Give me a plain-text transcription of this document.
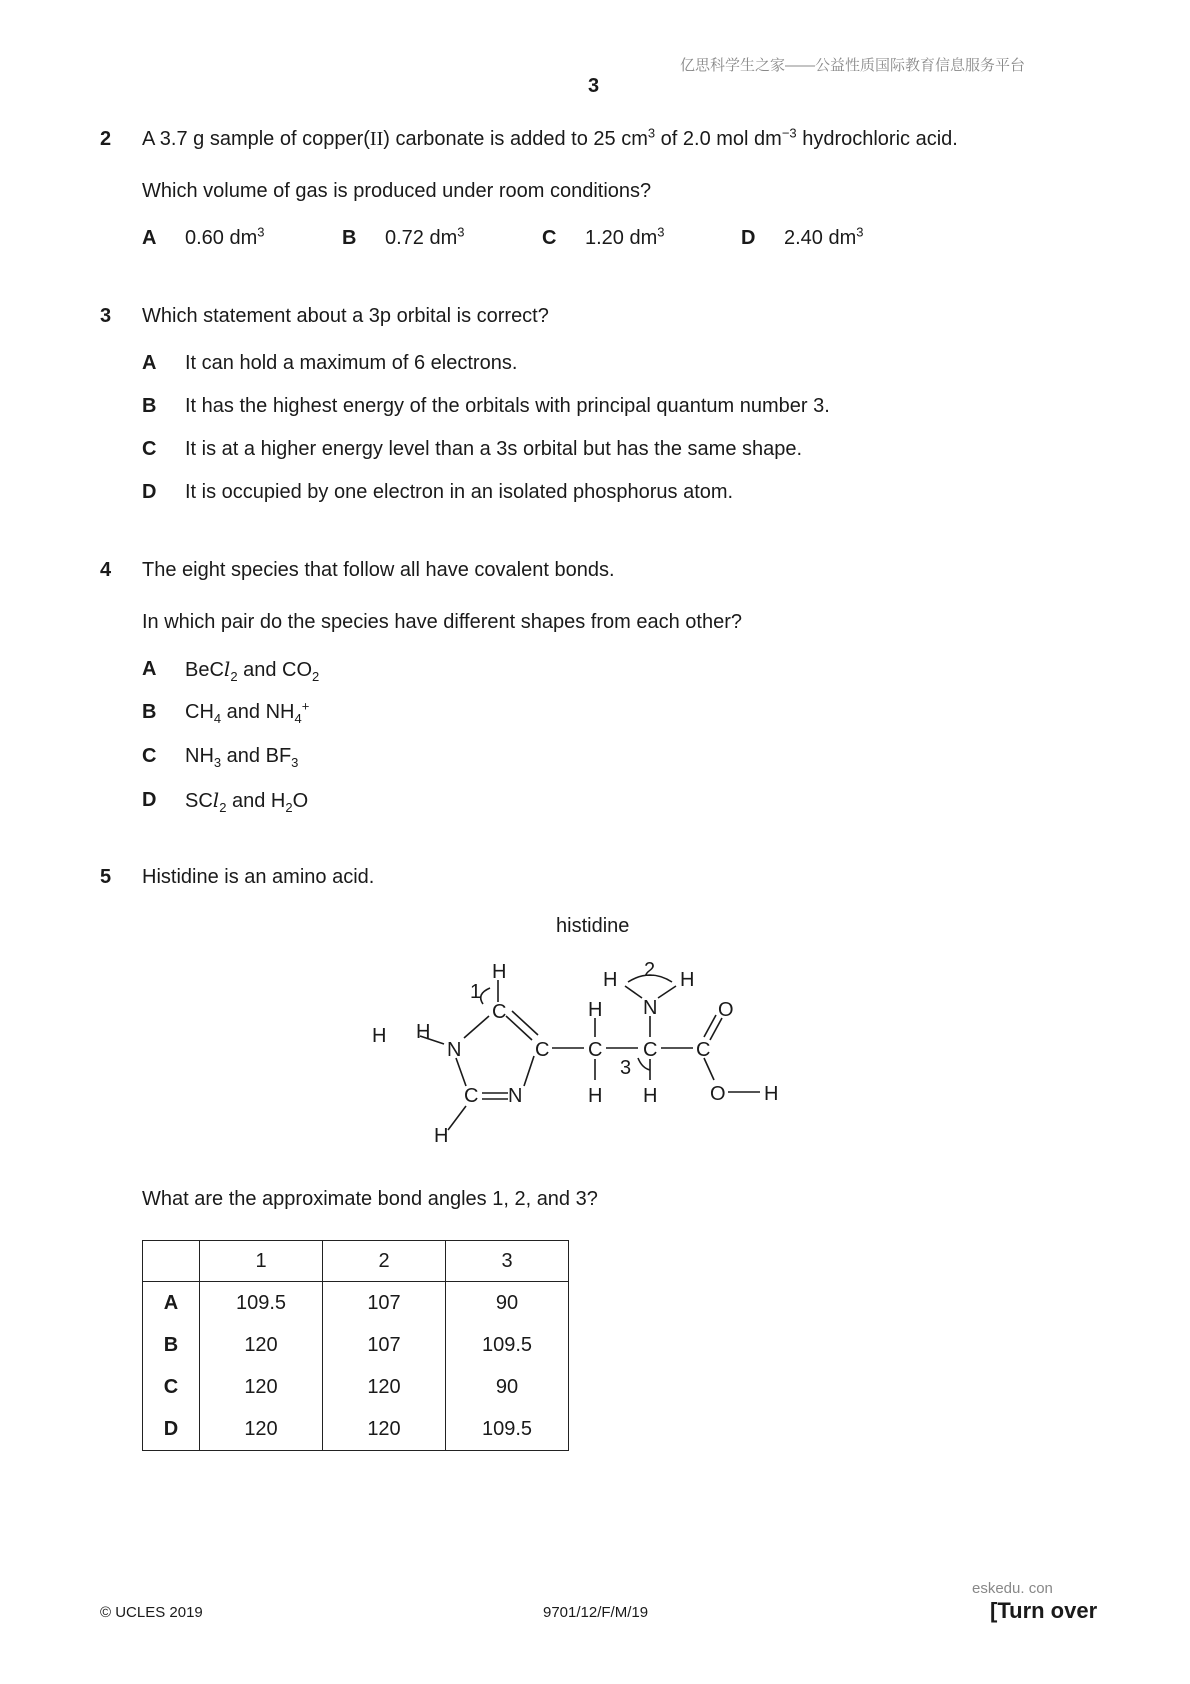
亿思科学生之家——公益性质国际教育信息服务平台
3
2 A 3.7 g sample of copper(II) carbonate is added to 25 $cm^3$ of 2.0 mol $dm^{-3}$ hydrochloric acid.
Which volume of gas is produced under room conditions?
A 0.60 $dm^3$	B 0.72 $dm^3$	C 1.20 $dm^3$	D 2.40 $dm^3$
3 Which statement about a 3p orbital is correct?
A It can hold a maximum of 6 electrons.
B It has the highest energy of the orbitals with principal quantum number 3.
C It is at a higher energy level than a 3s orbital but has the same shape.
D It is occupied by one electron in an isolated phosphorus atom.
4 The eight species that follow all have covalent bonds.
In which pair do the species have different shapes from each other?
A BeCl$_2$ and $CO_2$
B $CH_4$ and $NH_4^+$
C $NH_3$ and $BF_3$
D SCl$_2$ and $H_2O$
5 Histidine is an amino acid.
histidine
H
C
H H
N	C
C N
H
H
C
H
C
H
N
H	H
C
O
O H
1
2
3
What are the approximate bond angles 1, 2, and 3?
	1	2	3
A	109.5	107	90
B	120	107	109.5
C	120	120	90
D	120	120	109.5
eskedu. con
© UCLES 2019	9701/12/F/M/19	[Turn over
